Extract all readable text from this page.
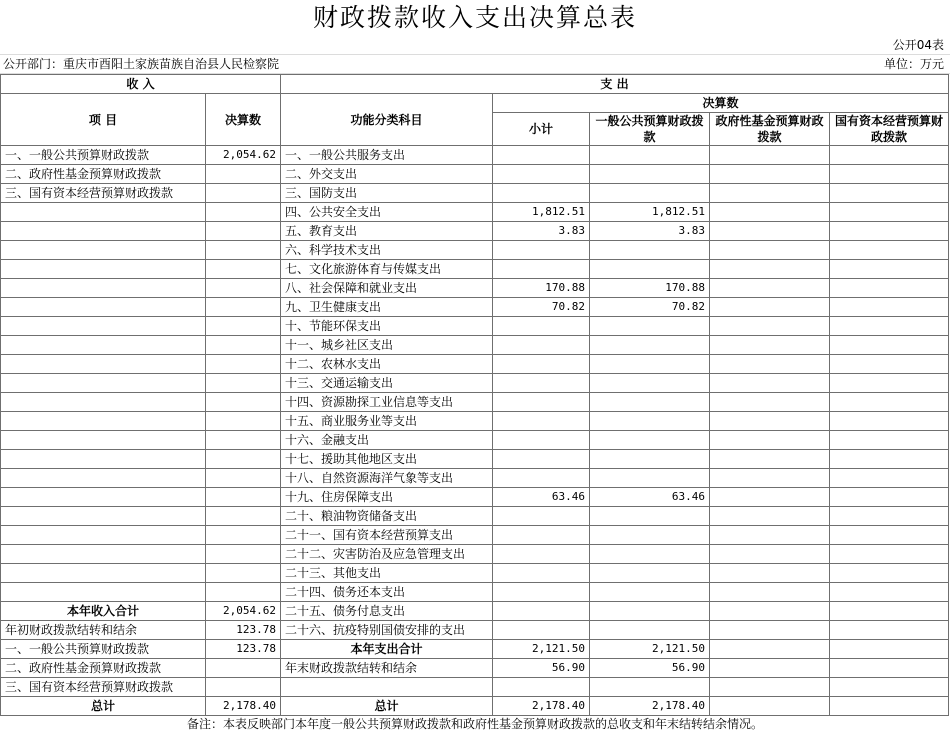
财政拨款收入支出决算总表
公开04表
公开部门：重庆市酉阳土家族苗族自治县人民检察院	单位：万元
收 入		支 出				
项 目	决算数	功能分类科目	决算数			
			小计	一般公共预算财政拨款	政府性基金预算财政拨款	国有资本经营预算财政拨款

一、一般公共预算财政拨款	2,054.62	一、一般公共服务支出				
二、政府性基金预算财政拨款		二、外交支出				
三、国有资本经营预算财政拨款		三、国防支出				
		四、公共安全支出	1,812.51	1,812.51		
		五、教育支出	3.83	3.83		
		六、科学技术支出				
		七、文化旅游体育与传媒支出				
		八、社会保障和就业支出	170.88	170.88		
		九、卫生健康支出	70.82	70.82		
		十、节能环保支出				
		十一、城乡社区支出				
		十二、农林水支出				
		十三、交通运输支出				
		十四、资源勘探工业信息等支出				
		十五、商业服务业等支出				
		十六、金融支出				
		十七、援助其他地区支出				
		十八、自然资源海洋气象等支出				
		十九、住房保障支出	63.46	63.46		
		二十、粮油物资储备支出				
		二十一、国有资本经营预算支出				
		二十二、灾害防治及应急管理支出				
		二十三、其他支出				
		二十四、债务还本支出				
本年收入合计	2,054.62	二十五、债务付息支出				
年初财政拨款结转和结余	123.78	二十六、抗疫特别国债安排的支出				
一、一般公共预算财政拨款	123.78	本年支出合计	2,121.50	2,121.50		
二、政府性基金预算财政拨款		年末财政拨款结转和结余	56.90	56.90		
三、国有资本经营预算财政拨款						
总计	2,178.40	总计	2,178.40	2,178.40		
备注：本表反映部门本年度一般公共预算财政拨款和政府性基金预算财政拨款的总收支和年末结转结余情况。
